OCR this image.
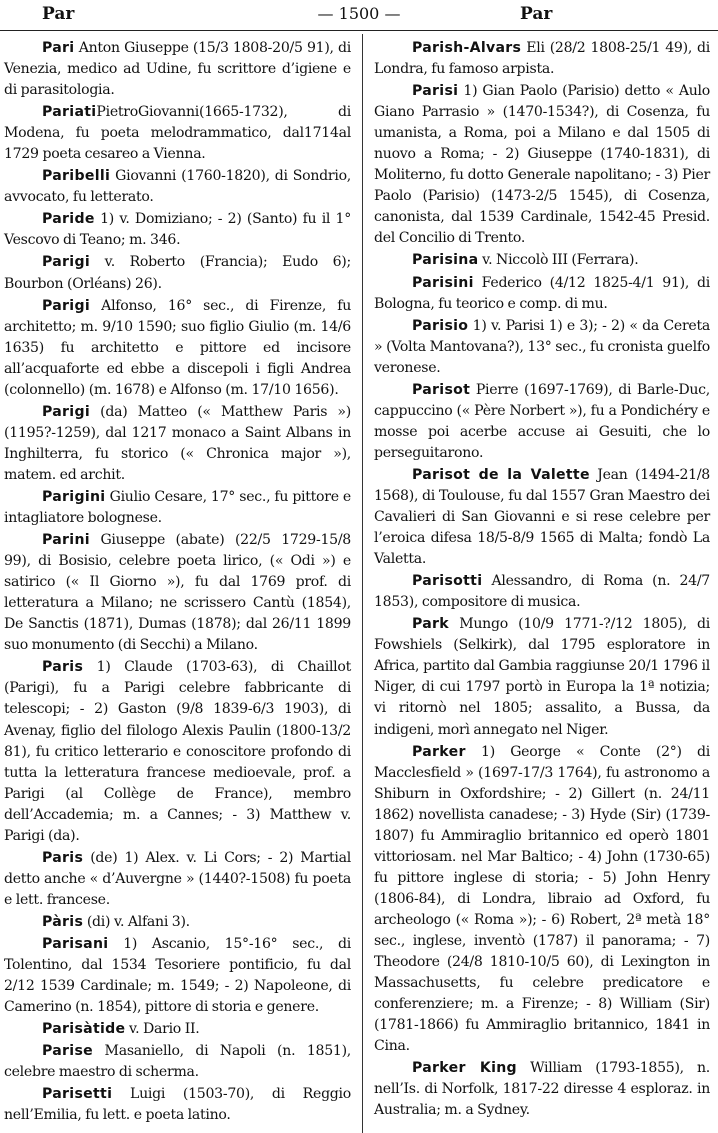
Par	— 1500 —	Par

Pari Anton Giuseppe (15/3 1808-20/5 91), di Venezia, medico ad Udine, fu scrittore d’igiene e di parasitologia.

PariatiPietroGiovanni(1665-1732), di Modena, fu poeta melodrammatico, dal1714al 1729 poeta cesareo a Vienna.

Paribelli Giovanni (1760-1820), di Sondrio, avvocato, fu letterato.

Paride 1) v. Domiziano; - 2) (Santo) fu il 1° Vescovo di Teano; m. 346.

Parigi v. Roberto (Francia); Eudo 6); Bourbon (Orléans) 26).

Parigi Alfonso, 16° sec., di Firenze, fu architetto; m. 9/10 1590; suo figlio Giulio (m. 14/6 1635) fu architetto e pittore ed incisore all’acquaforte ed ebbe a discepoli i figli Andrea (colonnello) (m. 1678) e Alfonso (m. 17/10 1656).

Parigi (da) Matteo (« Matthew Paris ») (1195?-1259), dal 1217 monaco a Saint Albans in Inghilterra, fu storico (« Chronica major »), matem. ed archit.

Parigini Giulio Cesare, 17° sec., fu pittore e intagliatore bolognese.

Parini Giuseppe (abate) (22/5 1729-15/8 99), di Bosisio, celebre poeta lirico, (« Odi ») e satirico (« Il Giorno »), fu dal 1769 prof. di letteratura a Milano; ne scrissero Cantù (1854), De Sanctis (1871), Dumas (1878); dal 26/11 1899 suo monumento (di Secchi) a Milano.

Paris 1) Claude (1703-63), di Chaillot (Parigi), fu a Parigi celebre fabbricante di telescopi; - 2) Gaston (9/8 1839-6/3 1903), di Avenay, figlio del filologo Alexis Paulin (1800-13/2 81), fu critico letterario e conoscitore profondo di tutta la letteratura francese medioevale, prof. a Parigi (al Collège de France), membro dell’Accademia; m. a Cannes; - 3) Matthew v. Parigi (da).

Paris (de) 1) Alex. v. Li Cors; - 2) Martial detto anche « d’Auvergne » (1440?-1508) fu poeta e lett. francese.

Pàris (di) v. Alfani 3).

Parisani 1) Ascanio, 15°-16° sec., di Tolentino, dal 1534 Tesoriere pontificio, fu dal 2/12 1539 Cardinale; m. 1549; - 2) Napoleone, di Camerino (n. 1854), pittore di storia e genere.

Parisàtide v. Dario II.

Parise Masaniello, di Napoli (n. 1851), celebre maestro di scherma.

Parisetti Luigi (1503-70), di Reggio nell’Emilia, fu lett. e poeta latino.

Parish-Alvars Eli (28/2 1808-25/1 49), di Londra, fu famoso arpista.

Parisi 1) Gian Paolo (Parisio) detto « Aulo Giano Parrasio » (1470-1534?), di Cosenza, fu umanista, a Roma, poi a Milano e dal 1505 di nuovo a Roma; - 2) Giuseppe (1740-1831), di Moliterno, fu dotto Generale napolitano; - 3) Pier Paolo (Parisio) (1473-2/5 1545), di Cosenza, canonista, dal 1539 Cardinale, 1542-45 Presid. del Concilio di Trento.

Parisina v. Niccolò III (Ferrara).

Parisini Federico (4/12 1825-4/1 91), di Bologna, fu teorico e comp. di mu.

Parisio 1) v. Parisi 1) e 3); - 2) « da Cereta » (Volta Mantovana?), 13° sec., fu cronista guelfo veronese.

Parisot Pierre (1697-1769), di Barle-Duc, cappuccino (« Père Norbert »), fu a Pondichéry e mosse poi acerbe accuse ai Gesuiti, che lo perseguitarono.

Parisot de la Valette Jean (1494-21/8 1568), di Toulouse, fu dal 1557 Gran Maestro dei Cavalieri di San Giovanni e si rese celebre per l’eroica difesa 18/5-8/9 1565 di Malta; fondò La Valetta.

Parisotti Alessandro, di Roma (n. 24/7 1853), compositore di musica.

Park Mungo (10/9 1771-?/12 1805), di Fowshiels (Selkirk), dal 1795 esploratore in Africa, partito dal Gambia raggiunse 20/1 1796 il Niger, di cui 1797 portò in Europa la 1ª notizia; vi ritornò nel 1805; assalito, a Bussa, da indigeni, morì annegato nel Niger.

Parker 1) George « Conte (2°) di Macclesfield » (1697-17/3 1764), fu astronomo a Shiburn in Oxfordshire; - 2) Gillert (n. 24/11 1862) novellista canadese; - 3) Hyde (Sir) (1739-1807) fu Ammiraglio britannico ed operò 1801 vittoriosam. nel Mar Baltico; - 4) John (1730-65) fu pittore inglese di storia; - 5) John Henry (1806-84), di Londra, libraio ad Oxford, fu archeologo (« Roma »); - 6) Robert, 2ª metà 18° sec., inglese, inventò (1787) il panorama; - 7) Theodore (24/8 1810-10/5 60), di Lexington in Massachusetts, fu celebre predicatore e conferenziere; m. a Firenze; - 8) William (Sir) (1781-1866) fu Ammiraglio britannico, 1841 in Cina.

Parker King William (1793-1855), n. nell’Is. di Norfolk, 1817-22 diresse 4 esploraz. in Australia; m. a Sydney.
